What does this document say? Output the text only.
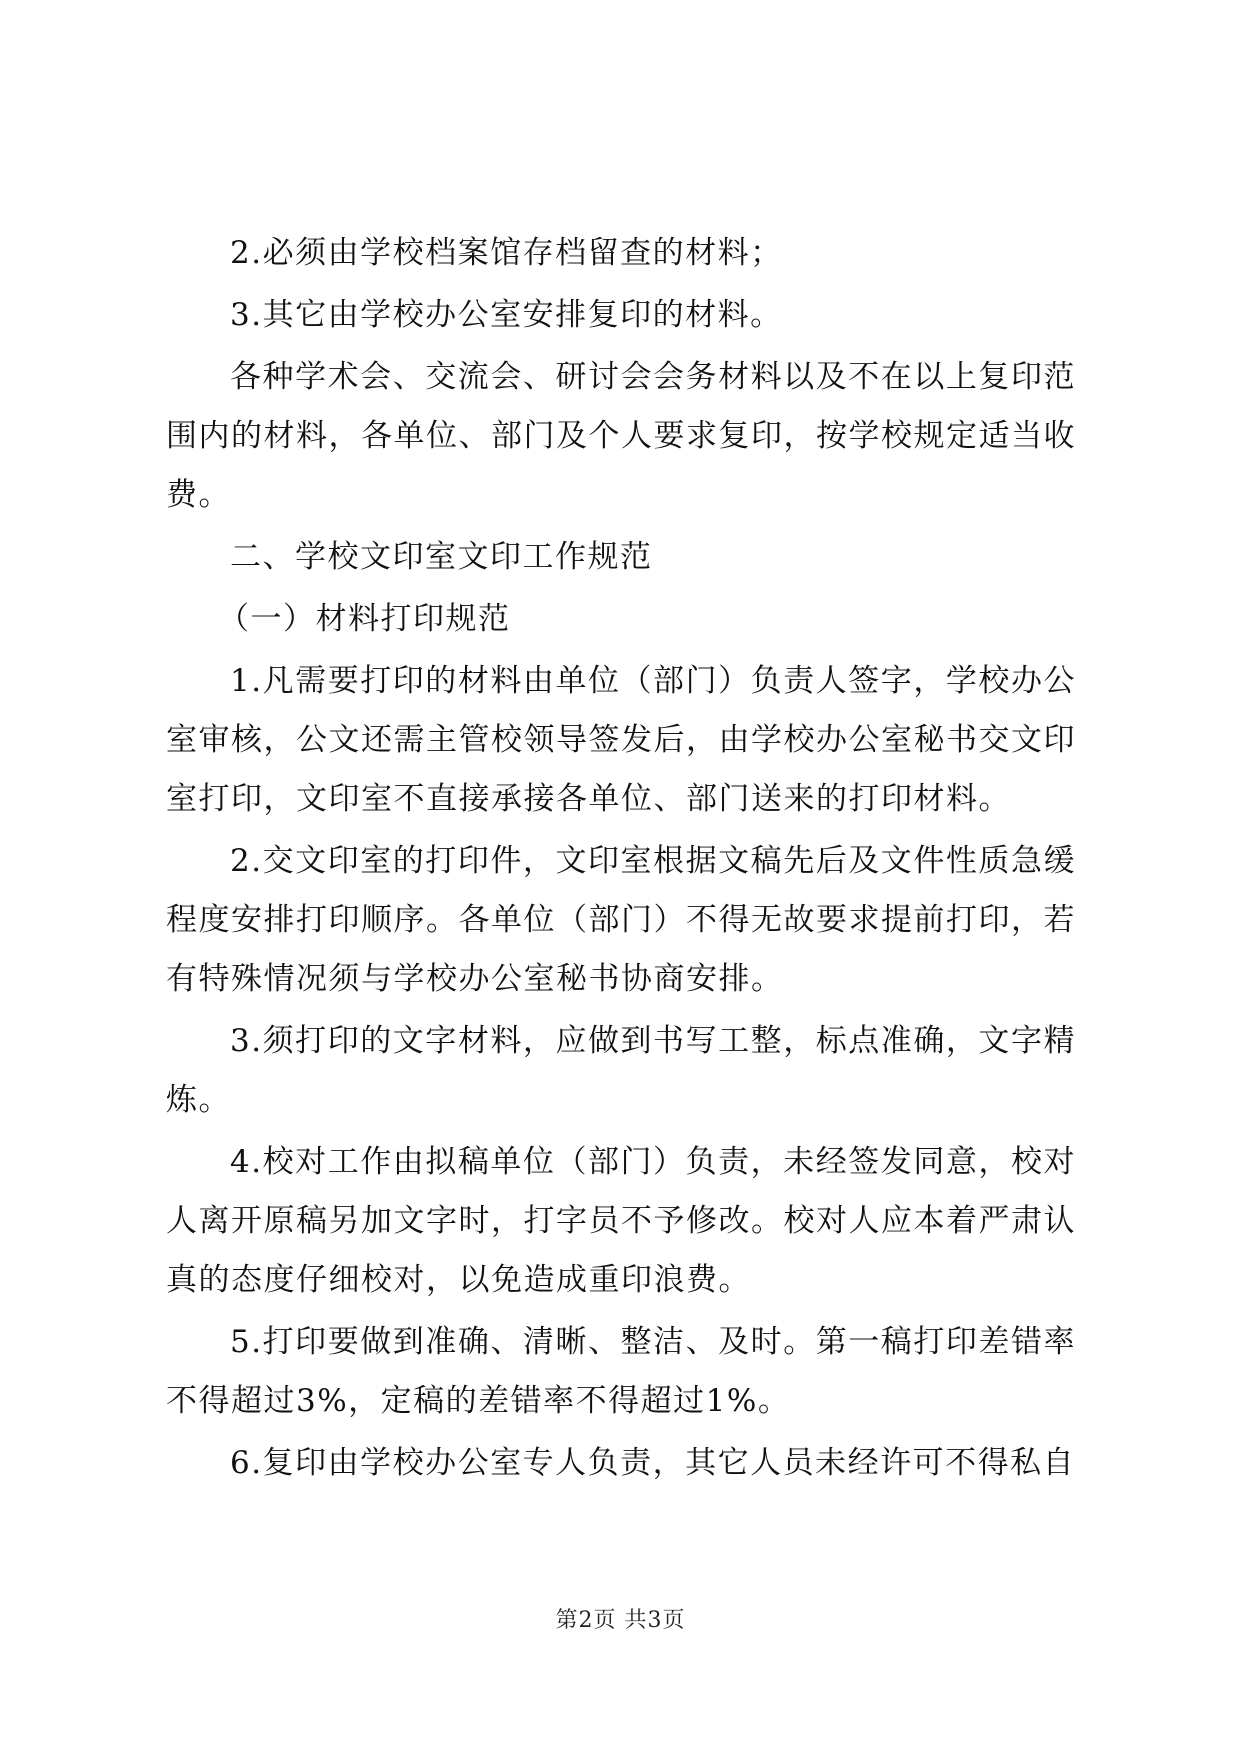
2.必须由学校档案馆存档留查的材料；

3.其它由学校办公室安排复印的材料。

各种学术会、交流会、研讨会会务材料以及不在以上复印范围内的材料，各单位、部门及个人要求复印，按学校规定适当收费。

二、学校文印室文印工作规范

（一）材料打印规范

1.凡需要打印的材料由单位（部门）负责人签字，学校办公室审核，公文还需主管校领导签发后，由学校办公室秘书交文印室打印，文印室不直接承接各单位、部门送来的打印材料。

2.交文印室的打印件，文印室根据文稿先后及文件性质急缓程度安排打印顺序。各单位（部门）不得无故要求提前打印，若有特殊情况须与学校办公室秘书协商安排。

3.须打印的文字材料，应做到书写工整，标点准确，文字精炼。

4.校对工作由拟稿单位（部门）负责，未经签发同意，校对人离开原稿另加文字时，打字员不予修改。校对人应本着严肃认真的态度仔细校对，以免造成重印浪费。

5.打印要做到准确、清晰、整洁、及时。第一稿打印差错率不得超过3%，定稿的差错率不得超过1%。

6.复印由学校办公室专人负责，其它人员未经许可不得私自

第2页 共3页
